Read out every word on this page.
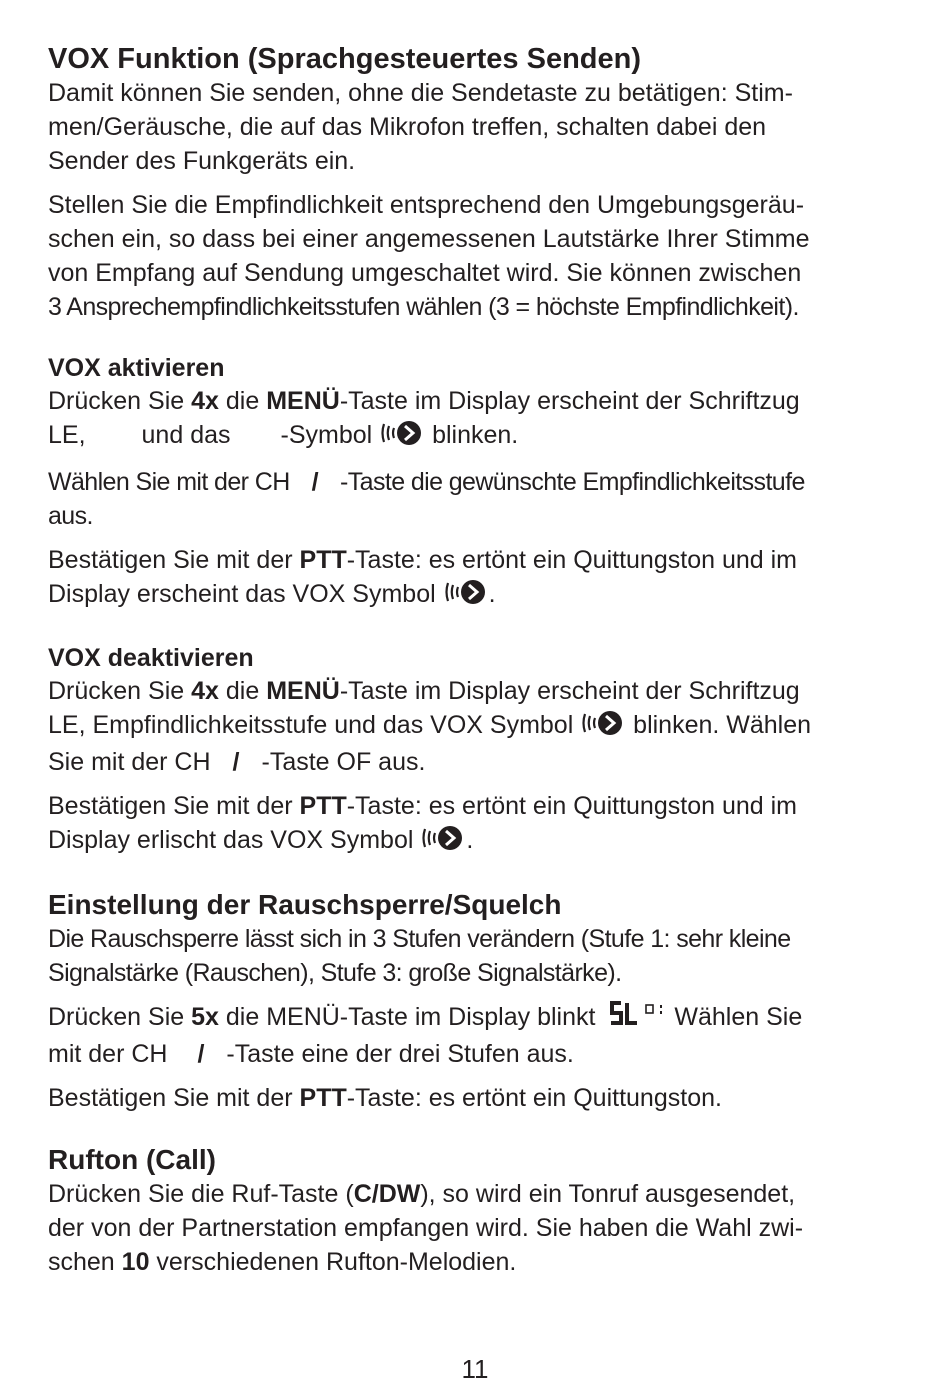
VOX Funktion (Sprachgesteuertes Senden)

Damit können Sie senden, ohne die Sendetaste zu betätigen: Stim-
men/Geräusche, die auf das Mikrofon treffen, schalten dabei den
Sender des Funkgeräts ein.

Stellen Sie die Empfindlichkeit entsprechend den Umgebungsgeräu-
schen ein, so dass bei einer angemessenen Lautstärke Ihrer Stimme
von Empfang auf Sendung umgeschaltet wird. Sie können zwischen
3 Ansprechempfindlichkeitsstufen wählen (3 = höchste Empfindlichkeit).

VOX aktivieren

Drücken Sie 4x die MENÜ-Taste im Display erscheint der Schriftzug
LE, und das -Symbol  blinken.

Wählen Sie mit der CH / -Taste die gewünschte Empfindlichkeitsstufe
aus.

Bestätigen Sie mit der PTT-Taste: es ertönt ein Quittungston und im
Display erscheint das VOX Symbol .

VOX deaktivieren

Drücken Sie 4x die MENÜ-Taste im Display erscheint der Schriftzug
LE, Empfindlichkeitsstufe und das VOX Symbol  blinken. Wählen
Sie mit der CH / -Taste OF aus.

Bestätigen Sie mit der PTT-Taste: es ertönt ein Quittungston und im
Display erlischt das VOX Symbol .

Einstellung der Rauschsperre/Squelch

Die Rauschsperre lässt sich in 3 Stufen verändern (Stufe 1: sehr kleine
Signalstärke (Rauschen), Stufe 3: große Signalstärke).

Drücken Sie 5x die MENÜ-Taste im Display blinkt	Wählen Sie
mit der CH / -Taste eine der drei Stufen aus.

Bestätigen Sie mit der PTT-Taste: es ertönt ein Quittungston.

Rufton (Call)

Drücken Sie die Ruf-Taste (C/DW), so wird ein Tonruf ausgesendet,
der von der Partnerstation empfangen wird. Sie haben die Wahl zwi-
schen 10 verschiedenen Rufton-Melodien.

11
